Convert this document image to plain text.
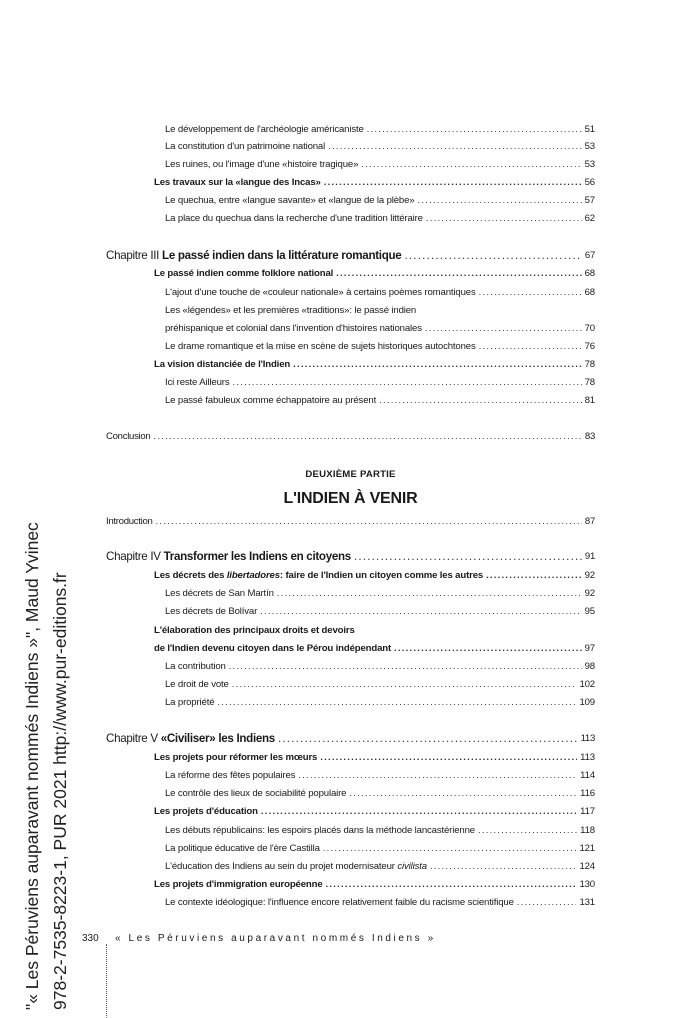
Le développement de l'archéologie américaniste .....	51
La constitution d'un patrimoine national .....	53
Les ruines, ou l'image d'une «histoire tragique» .....	53
Les travaux sur la «langue des Incas» .....	56
Le quechua, entre «langue savante» et «langue de la plèbe» .....	57
La place du quechua dans la recherche d'une tradition littéraire .....	62
Chapitre III Le passé indien dans la littérature romantique .....	67
Le passé indien comme folklore national .....	68
L'ajout d'une touche de «couleur nationale» à certains poèmes romantiques .....	68
Les «légendes» et les premières «traditions»: le passé indien
préhispanique et colonial dans l'invention d'histoires nationales .....	70
Le drame romantique et la mise en scène de sujets historiques autochtones .....	76
La vision distanciée de l'Indien .....	78
Ici reste Ailleurs .....	78
Le passé fabuleux comme échappatoire au présent .....	81
Conclusion .....	83
DEUXIÈME PARTIE
L'INDIEN À VENIR
Introduction .....	87
Chapitre IV Transformer les Indiens en citoyens .....	91
Les décrets des libertadores: faire de l'Indien un citoyen comme les autres .....	92
Les décrets de San Martín .....	92
Les décrets de Bolívar .....	95
L'élaboration des principaux droits et devoirs
de l'Indien devenu citoyen dans le Pérou indépendant .....	97
La contribution .....	98
Le droit de vote .....	102
La propriété .....	109
Chapitre V «Civiliser» les Indiens .....	113
Les projets pour réformer les mœurs .....	113
La réforme des fêtes populaires .....	114
Le contrôle des lieux de sociabilité populaire .....	116
Les projets d'éducation .....	117
Les débuts républicains: les espoirs placés dans la méthode lancastérienne .....	118
La politique éducative de l'ère Castilla .....	121
L'éducation des Indiens au sein du projet modernisateur civilista .....	124
Les projets d'immigration européenne .....	130
Le contexte idéologique: l'influence encore relativement faible du racisme scientifique .....	131
330 « Les Péruviens auparavant nommés Indiens »
"« Les Péruviens auparavant nommés Indiens »", Maud Yvinec 978-2-7535-8223-1, PUR 2021 http://www.pur-editions.fr
